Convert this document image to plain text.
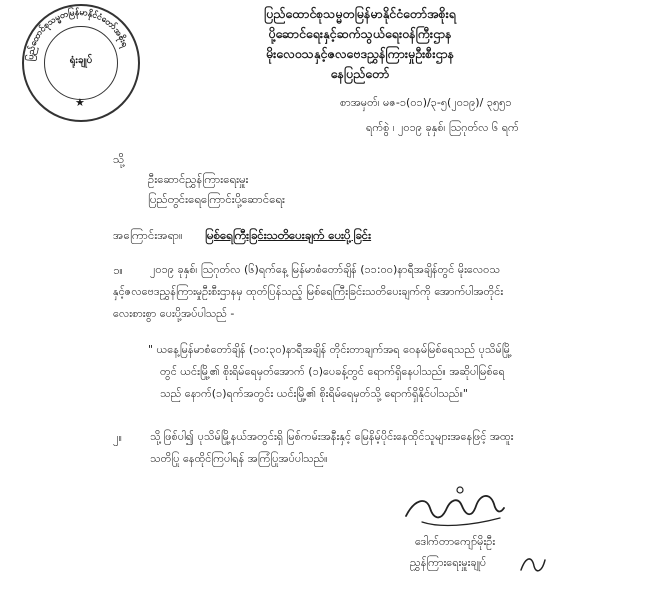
ပြည်ထောင်စုသမ္မတမြန်မာနိုင်ငံတော်အစိုးရ
ရုံးချုပ်
★
ပြည်ထောင်စုသမ္မတမြန်မာနိုင်ငံတော်အစိုးရ
ပို့ဆောင်ရေးနှင့်ဆက်သွယ်ရေးဝန်ကြီးဌာန
မိုးလေဝသနှင့်ဇလဗေဒညွှန်ကြားမှုဦးစီးဌာန
နေပြည်တော်
စာအမှတ်၊ မဇ-၁(၀၁)/၃-၅(၂၀၁၉)/ ၃၅၅၁
ရက်စွဲ ၊ ၂၀၁၉ ခုနှစ်၊ ဩဂုတ်လ ၆ ရက်
သို့
ဦးဆောင်ညွှန်ကြားရေးမှူး
ပြည်တွင်းရေကြောင်းပို့ဆောင်ရေး
အကြောင်းအရာ။ မြစ်ရေကြီးခြင်းသတိပေးချက် ပေးပို့ခြင်း
၁။ ၂၀၁၉ ခုနှစ်၊ ဩဂုတ်လ (၆)ရက်နေ့ မြန်မာစံတော်ချိန် (၁၁:၀၀)နာရီအချိန်တွင် မိုးလေဝသ
နှင့်ဇလဗေဒညွှန်ကြားမှုဦးစီးဌာနမှ ထုတ်ပြန်သည့် မြစ်ရေကြီးခြင်းသတိပေးချက်ကို အောက်ပါအတိုင်း
လေးစားစွာ ပေးပို့အပ်ပါသည် -
" ယနေ့မြန်မာစံတော်ချိန် (၁၀:၃၀)နာရီအချိန် တိုင်းတာချက်အရ ဝေနမ်မြစ်ရေသည် ပုသိမ်မြို့
တွင် ယင်းမြို့၏ စိုးရိမ်ရေမှတ်အောက် (၁)ပေခန့်တွင် ရောက်ရှိနေပါသည်။ အဆိုပါမြစ်ရေ
သည် နောက်(၁)ရက်အတွင်း ယင်းမြို့၏ စိုးရိမ်ရေမှတ်သို့ ရောက်ရှိနိုင်ပါသည်။"
၂။	သို့ဖြစ်ပါ၍ ပုသိမ်မြို့နယ်အတွင်းရှိ မြစ်ကမ်းအနီးနှင့် မြေနိမ့်ပိုင်းနေထိုင်သူများအနေဖြင့် အထူး
သတိပြု နေထိုင်ကြပါရန် အကြံပြုအပ်ပါသည်။
ဒေါက်တာကျော်မိုးဦး
ညွှန်ကြားရေးမှူးချုပ်
